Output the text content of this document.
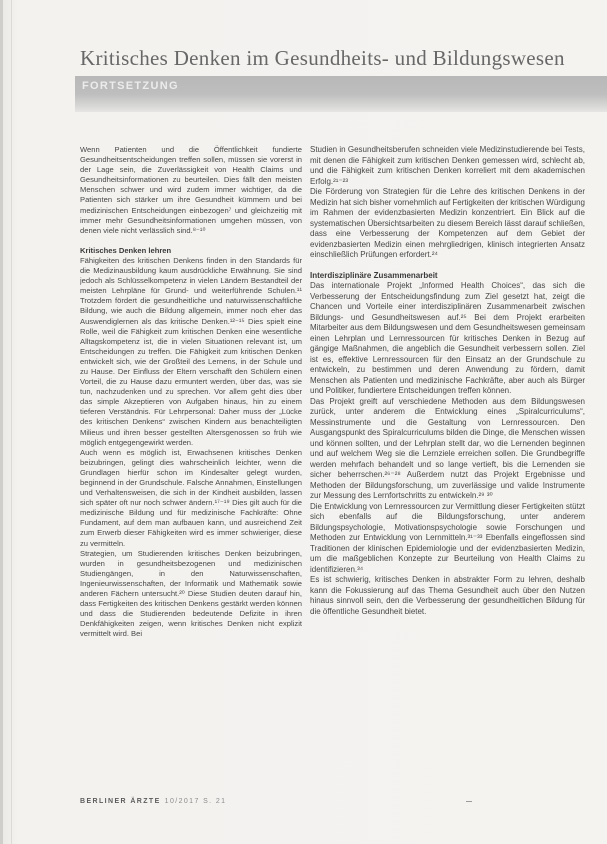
Kritisches Denken im Gesundheits- und Bildungswesen
FORTSETZUNG

Wenn Patienten und die Öffentlichkeit fundierte Gesundheitsentscheidungen treffen sollen, müssen sie vorerst in der Lage sein, die Zuverlässigkeit von Health Claims und Gesundheitsinformationen zu beurteilen. Dies fällt den meisten Menschen schwer und wird zudem immer wichtiger, da die Patienten sich stärker um ihre Gesundheit kümmern und bei medizinischen Entscheidungen einbezogen⁷ und gleichzeitig mit immer mehr Gesundheitsinformationen umgehen müssen, von denen viele nicht verlässlich sind.⁸⁻¹⁰

Kritisches Denken lehren

Fähigkeiten des kritischen Denkens finden in den Standards für die Medizinausbildung kaum ausdrückliche Erwähnung. Sie sind jedoch als Schlüsselkompetenz in vielen Ländern Bestandteil der meisten Lehrpläne für Grund- und weiterführende Schulen.¹¹ Trotzdem fördert die gesundheitliche und naturwissenschaftliche Bildung, wie auch die Bildung allgemein, immer noch eher das Auswendiglernen als das kritische Denken.¹²⁻¹⁵ Dies spielt eine Rolle, weil die Fähigkeit zum kritischen Denken eine wesentliche Alltagskompetenz ist, die in vielen Situationen relevant ist, um Entscheidungen zu treffen. Die Fähigkeit zum kritischen Denken entwickelt sich, wie der Großteil des Lernens, in der Schule und zu Hause. Der Einfluss der Eltern verschafft den Schülern einen Vorteil, die zu Hause dazu ermuntert werden, über das, was sie tun, nachzudenken und zu sprechen. Vor allem geht dies über das simple Akzeptieren von Aufgaben hinaus, hin zu einem tieferen Verständnis. Für Lehrpersonal: Daher muss der „Lücke des kritischen Denkens“ zwischen Kindern aus benachteiligten Milieus und ihren besser gestellten Altersgenossen so früh wie möglich entgegengewirkt werden.

Auch wenn es möglich ist, Erwachsenen kritisches Denken beizubringen, gelingt dies wahrscheinlich leichter, wenn die Grundlagen hierfür schon im Kindesalter gelegt wurden, beginnend in der Grundschule. Falsche Annahmen, Einstellungen und Verhaltensweisen, die sich in der Kindheit ausbilden, lassen sich später oft nur noch schwer ändern.¹⁷⁻¹⁹ Dies gilt auch für die medizinische Bildung und für medizinische Fachkräfte: Ohne Fundament, auf dem man aufbauen kann, und ausreichend Zeit zum Erwerb dieser Fähigkeiten wird es immer schwieriger, diese zu vermitteln.

Strategien, um Studierenden kritisches Denken beizubringen, wurden in gesundheitsbezogenen und medizinischen Studiengängen, in den Naturwissenschaften, Ingenieurwissenschaften, der Informatik und Mathematik sowie anderen Fächern untersucht.²⁰ Diese Studien deuten darauf hin, dass Fertigkeiten des kritischen Denkens gestärkt werden können und dass die Studierenden bedeutende Defizite in ihren Denkfähigkeiten zeigen, wenn kritisches Denken nicht explizit vermittelt wird. Bei

Studien in Gesundheitsberufen schneiden viele Medizinstudierende bei Tests, mit denen die Fähigkeit zum kritischen Denken gemessen wird, schlecht ab, und die Fähigkeit zum kritischen Denken korreliert mit dem akademischen Erfolg.²¹⁻²³

Die Förderung von Strategien für die Lehre des kritischen Denkens in der Medizin hat sich bisher vornehmlich auf Fertigkeiten der kritischen Würdigung im Rahmen der evidenzbasierten Medizin konzentriert. Ein Blick auf die systematischen Übersichtsarbeiten zu diesem Bereich lässt darauf schließen, dass eine Verbesserung der Kompetenzen auf dem Gebiet der evidenzbasierten Medizin einen mehrgliedrigen, klinisch integrierten Ansatz einschließlich Prüfungen erfordert.²⁴

Interdisziplinäre Zusammenarbeit

Das internationale Projekt „Informed Health Choices“, das sich die Verbesserung der Entscheidungsfindung zum Ziel gesetzt hat, zeigt die Chancen und Vorteile einer interdisziplinären Zusammenarbeit zwischen Bildungs- und Gesundheitswesen auf.²⁵ Bei dem Projekt erarbeiten Mitarbeiter aus dem Bildungswesen und dem Gesundheitswesen gemeinsam einen Lehrplan und Lernressourcen für kritisches Denken in Bezug auf gängige Maßnahmen, die angeblich die Gesundheit verbessern sollen. Ziel ist es, effektive Lernressourcen für den Einsatz an der Grundschule zu entwickeln, zu bestimmen und deren Anwendung zu fördern, damit Menschen als Patienten und medizinische Fachkräfte, aber auch als Bürger und Politiker, fundiertere Entscheidungen treffen können.

Das Projekt greift auf verschiedene Methoden aus dem Bildungswesen zurück, unter anderem die Entwicklung eines „Spiralcurriculums“, Messinstrumente und die Gestaltung von Lernressourcen. Den Ausgangspunkt des Spiralcurriculums bilden die Dinge, die Menschen wissen und können sollten, und der Lehrplan stellt dar, wo die Lernenden beginnen und auf welchem Weg sie die Lernziele erreichen sollen. Die Grundbegriffe werden mehrfach behandelt und so lange vertieft, bis die Lernenden sie sicher beherrschen.²⁶⁻²⁸ Außerdem nutzt das Projekt Ergebnisse und Methoden der Bildungsforschung, um zuverlässige und valide Instrumente zur Messung des Lernfortschritts zu entwickeln.²⁹ ³⁰

Die Entwicklung von Lernressourcen zur Vermittlung dieser Fertigkeiten stützt sich ebenfalls auf die Bildungsforschung, unter anderem Bildungspsychologie, Motivationspsychologie sowie Forschungen und Methoden zur Entwicklung von Lernmitteln.³¹⁻³³ Ebenfalls eingeflossen sind Traditionen der klinischen Epidemiologie und der evidenzbasierten Medizin, um die maßgeblichen Konzepte zur Beurteilung von Health Claims zu identifizieren.³⁴

Es ist schwierig, kritisches Denken in abstrakter Form zu lehren, deshalb kann die Fokussierung auf das Thema Gesundheit auch über den Nutzen hinaus sinnvoll sein, den die Verbesserung der gesundheitlichen Bildung für die öffentliche Gesundheit bietet.

BERLINER ÄRZTE 10/2017 S. 21
